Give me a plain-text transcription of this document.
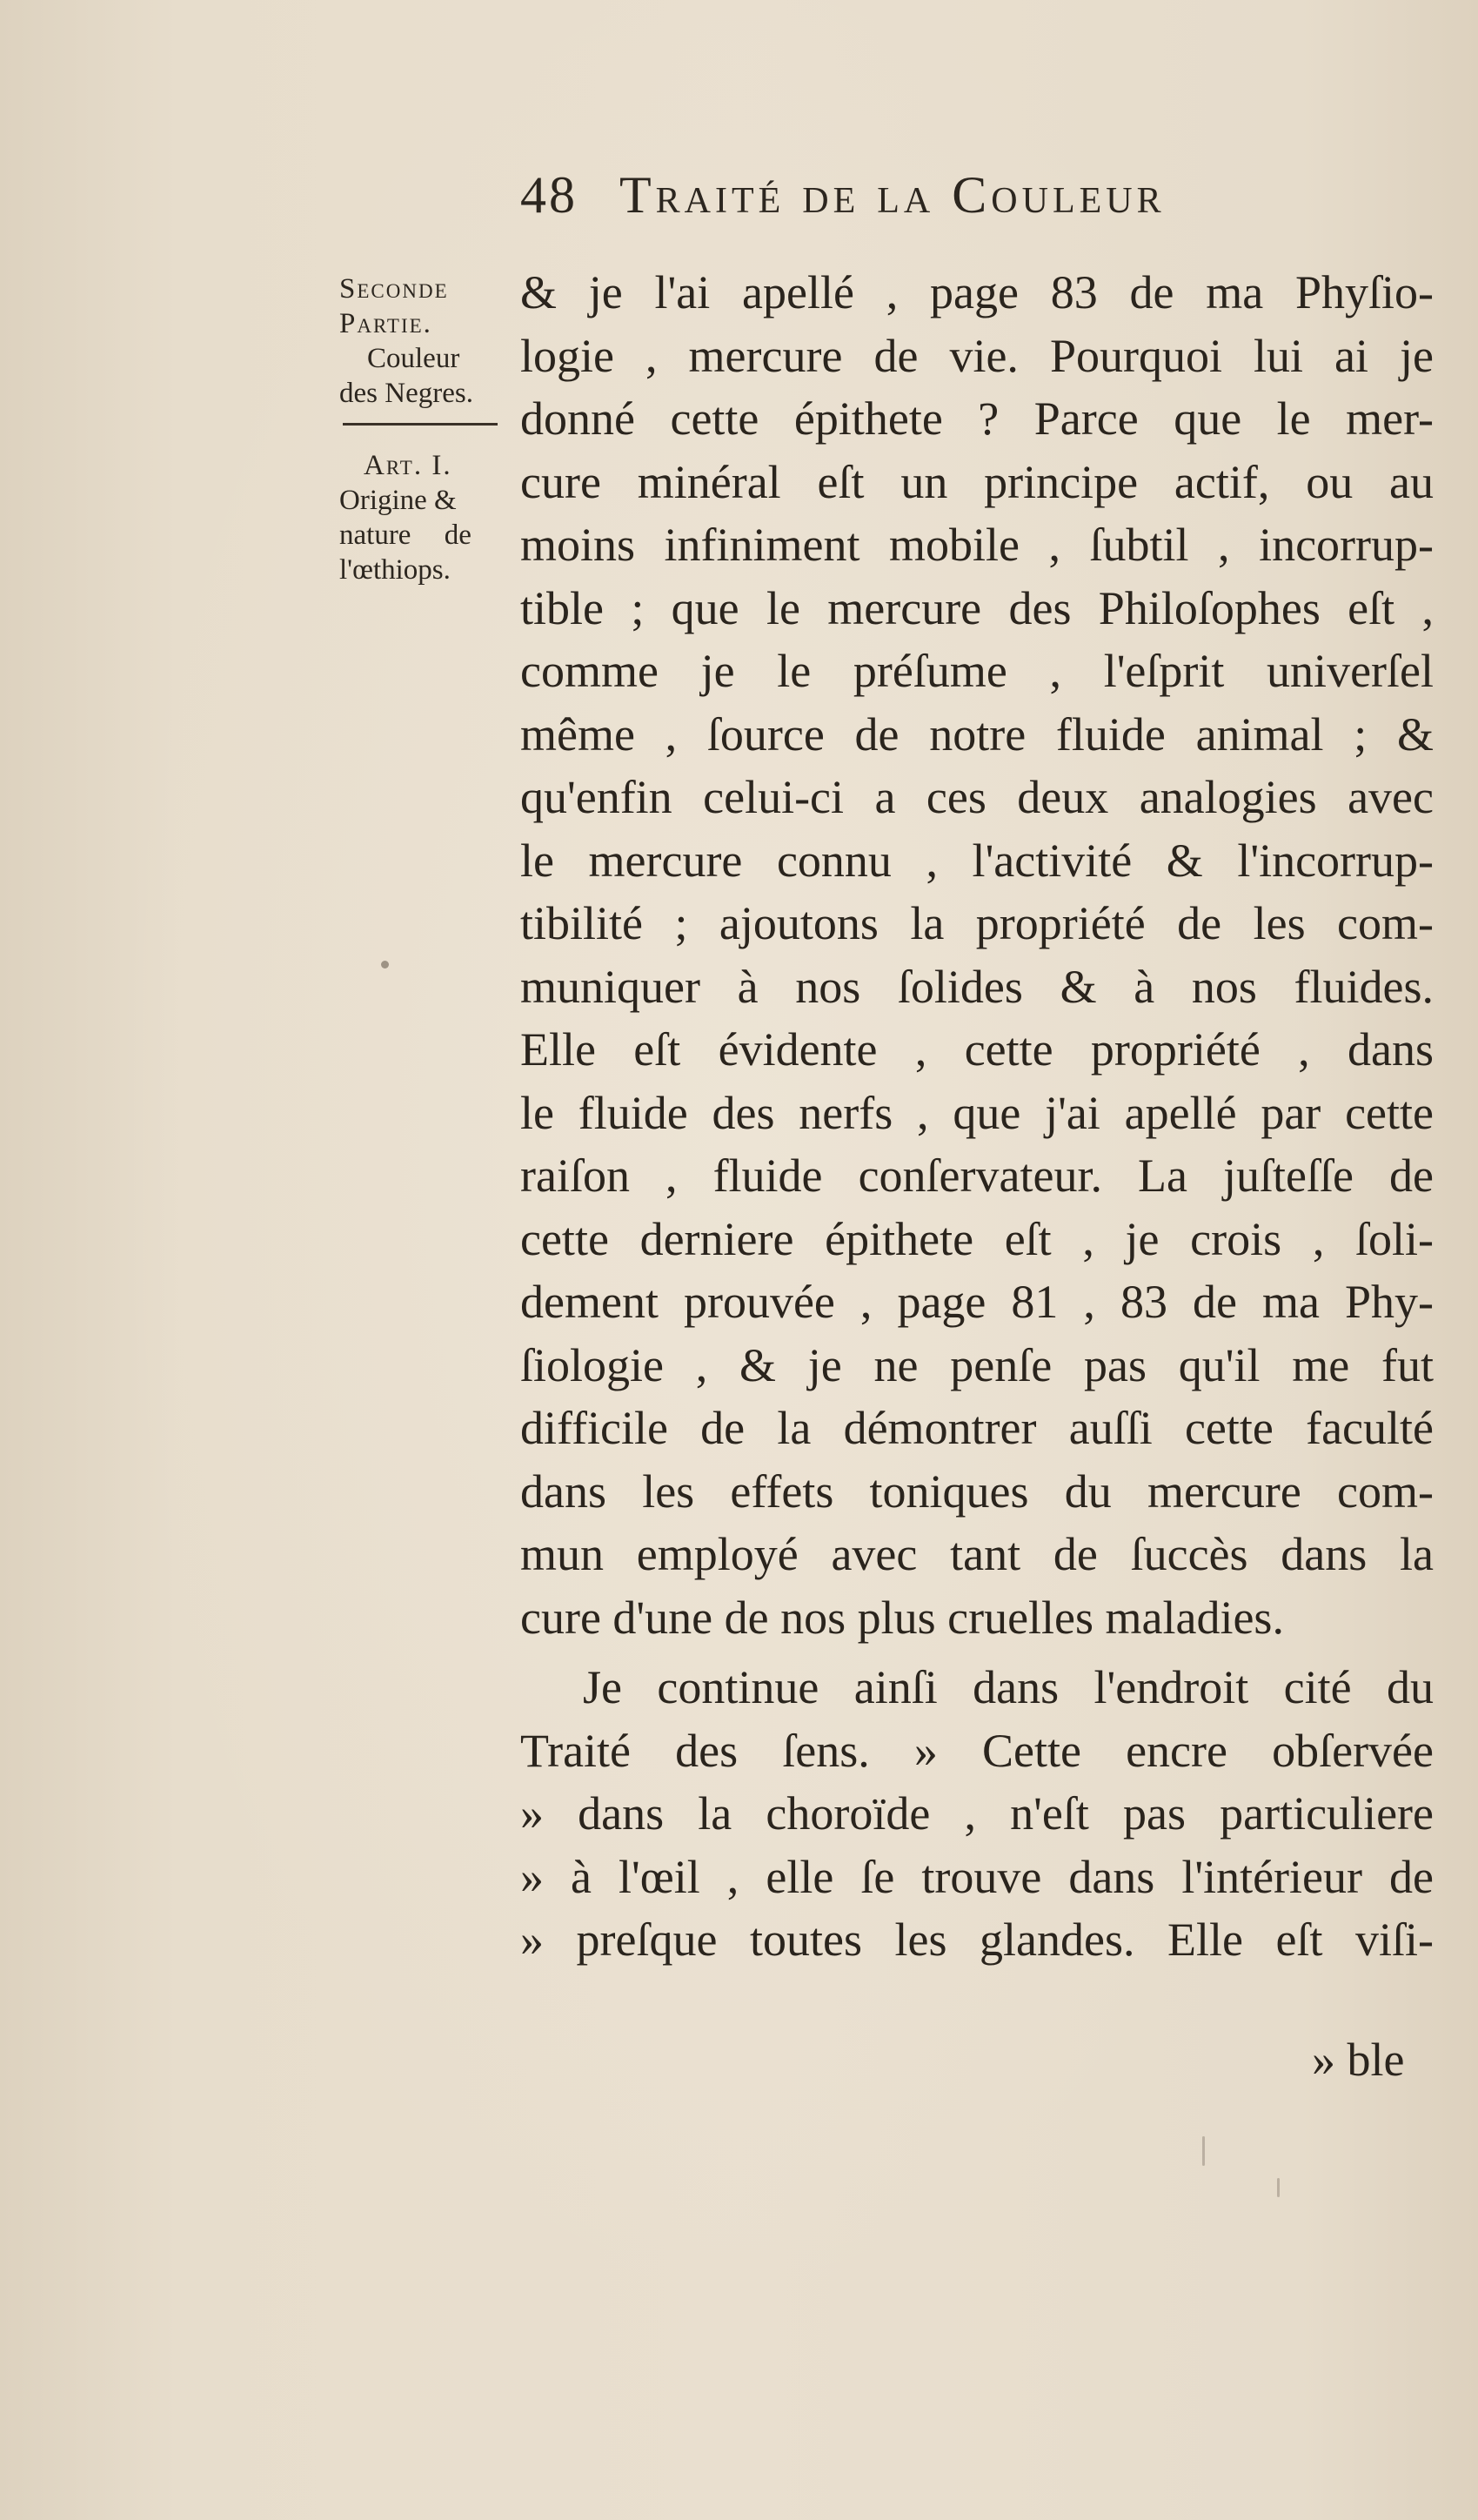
48 Traité de la Couleur
Seconde
Partie.
Couleur
des Negres.
Art. I.
Origine &
nature de
l'œthiops.
& je l'ai apellé , page 83 de ma Phyſio-
logie , mercure de vie. Pourquoi lui ai je
donné cette épithete ? Parce que le mer-
cure minéral eſt un principe actif, ou au
moins infiniment mobile , ſubtil , incorrup-
tible ; que le mercure des Philoſophes eſt ,
comme je le préſume , l'eſprit univerſel
même , ſource de notre fluide animal ; &
qu'enfin celui-ci a ces deux analogies avec
le mercure connu , l'activité & l'incorrup-
tibilité ; ajoutons la propriété de les com-
muniquer à nos ſolides & à nos fluides.
Elle eſt évidente , cette propriété , dans
le fluide des nerfs , que j'ai apellé par cette
raiſon , fluide conſervateur. La juſteſſe de
cette derniere épithete eſt , je crois , ſoli-
dement prouvée , page 81 , 83 de ma Phy-
ſiologie , & je ne penſe pas qu'il me fut
difficile de la démontrer auſſi cette faculté
dans les effets toniques du mercure com-
mun employé avec tant de ſuccès dans la
cure d'une de nos plus cruelles maladies.
Je continue ainſi dans l'endroit cité du
Traité des ſens. » Cette encre obſervée
» dans la choroïde , n'eſt pas particuliere
» à l'œil , elle ſe trouve dans l'intérieur de
» preſque toutes les glandes. Elle eſt viſi-
» ble
